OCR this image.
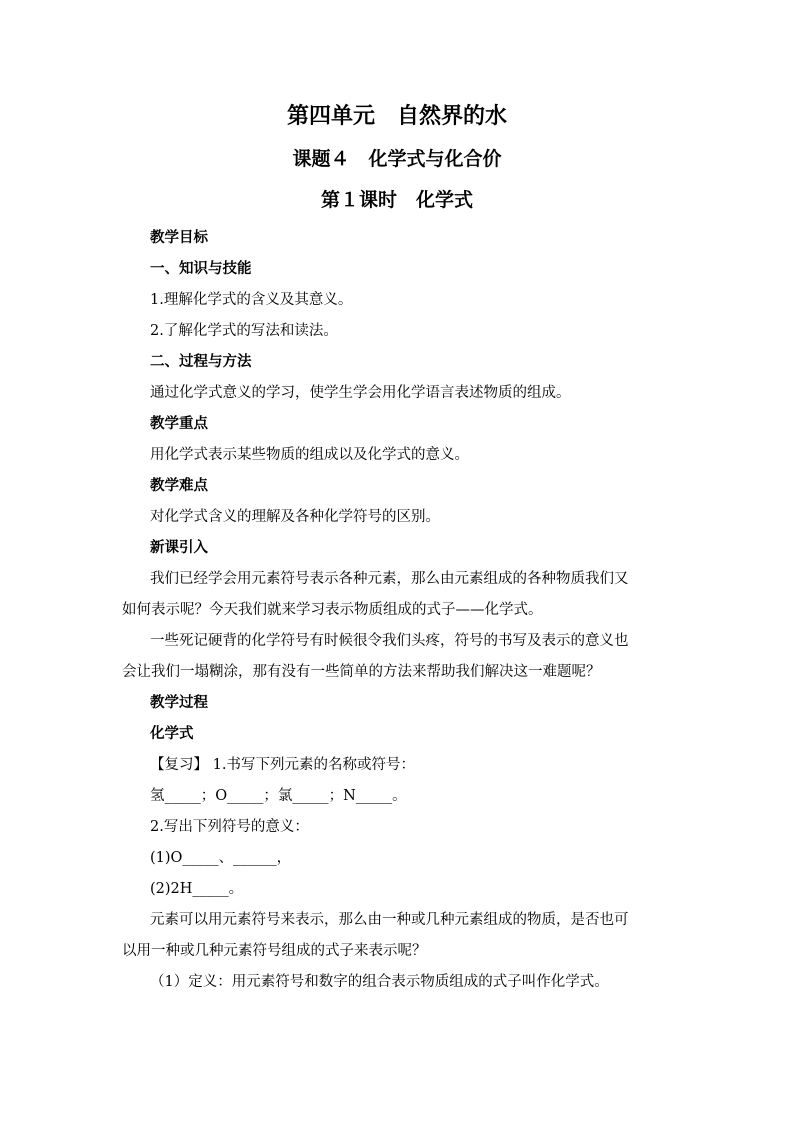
第四单元　自然界的水
课题４　化学式与化合价
第１课时　化学式
教学目标
一、知识与技能
1.理解化学式的含义及其意义。
2.了解化学式的写法和读法。
二、过程与方法
通过化学式意义的学习，使学生学会用化学语言表述物质的组成。
教学重点
用化学式表示某些物质的组成以及化学式的意义。
教学难点
对化学式含义的理解及各种化学符号的区别。
新课引入
我们已经学会用元素符号表示各种元素，那么由元素组成的各种物质我们又
如何表示呢？今天我们就来学习表示物质组成的式子——化学式。
一些死记硬背的化学符号有时候很令我们头疼，符号的书写及表示的意义也
会让我们一塌糊涂，那有没有一些简单的方法来帮助我们解决这一难题呢？
教学过程
化学式
【复习】 1.书写下列元素的名称或符号：
氢_____；O_____；氯_____；N_____。
2.写出下列符号的意义：
(1)O_____、______，
(2)2H_____。
元素可以用元素符号来表示，那么由一种或几种元素组成的物质，是否也可
以用一种或几种元素符号组成的式子来表示呢？
（1）定义：用元素符号和数字的组合表示物质组成的式子叫作化学式。
